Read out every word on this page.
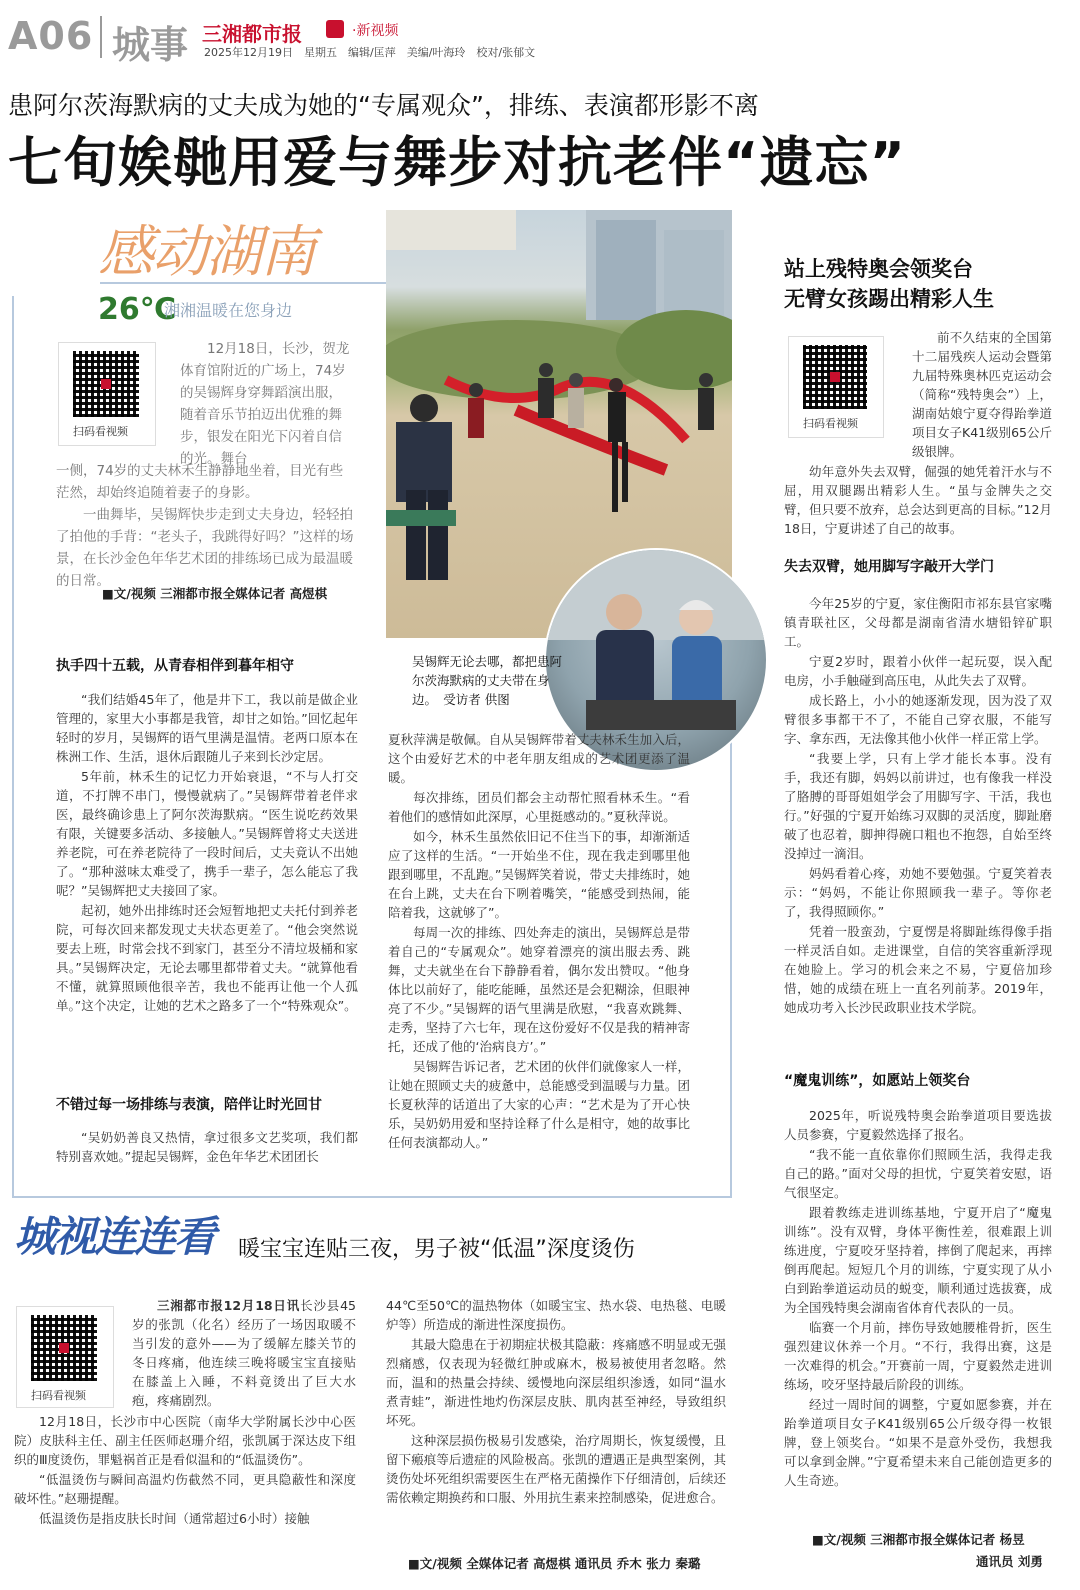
A06 城事 三湘都市报	·新视频
2025年12月19日　星期五　编辑/匡萍　美编/叶海玲　校对/张郁文
患阿尔茨海默病的丈夫成为她的“专属观众”，排练、表演都形影不离
七旬娭毑用爱与舞步对抗老伴“遗忘”
感动湖南
26℃
湘湘温暖在您身边
扫码看视频

12月18日，长沙，贺龙体育馆附近的广场上，74岁的吴锡辉身穿舞蹈演出服，随着音乐节拍迈出优雅的舞步，银发在阳光下闪着自信的光。舞台

一侧，74岁的丈夫林禾生静静地坐着，目光有些茫然，却始终追随着妻子的身影。

一曲舞毕，吴锡辉快步走到丈夫身边，轻轻拍了拍他的手背：“老头子，我跳得好吗？”这样的场景，在长沙金色年华艺术团的排练场已成为最温暖的日常。

■文/视频 三湘都市报全媒体记者 高煜棋
吴锡辉无论去哪，都把患阿尔茨海默病的丈夫带在身边。　受访者 供图
执手四十五载，从青春相伴到暮年相守

“我们结婚45年了，他是井下工，我以前是做企业管理的，家里大小事都是我管，却甘之如饴。”回忆起年轻时的岁月，吴锡辉的语气里满是温情。老两口原本在株洲工作、生活，退休后跟随儿子来到长沙定居。

5年前，林禾生的记忆力开始衰退，“不与人打交道，不打牌不串门，慢慢就病了。”吴锡辉带着老伴求医，最终确诊患上了阿尔茨海默病。“医生说吃药效果有限，关键要多活动、多接触人。”吴锡辉曾将丈夫送进养老院，可在养老院待了一段时间后，丈夫竟认不出她了。“那种滋味太难受了，携手一辈子，怎么能忘了我呢？”吴锡辉把丈夫接回了家。

起初，她外出排练时还会短暂地把丈夫托付到养老院，可每次回来都发现丈夫状态更差了。“他会突然说要去上班，时常会找不到家门，甚至分不清垃圾桶和家具。”吴锡辉决定，无论去哪里都带着丈夫。“就算他看不懂，就算照顾他很辛苦，我也不能再让他一个人孤单。”这个决定，让她的艺术之路多了一个“特殊观众”。

不错过每一场排练与表演，陪伴让时光回甘

“吴奶奶善良又热情，拿过很多文艺奖项，我们都特别喜欢她。”提起吴锡辉，金色年华艺术团团长

夏秋萍满是敬佩。自从吴锡辉带着丈夫林禾生加入后，这个由爱好艺术的中老年朋友组成的艺术团更添了温暖。

每次排练，团员们都会主动帮忙照看林禾生。“看着他们的感情如此深厚，心里挺感动的。”夏秋萍说。

如今，林禾生虽然依旧记不住当下的事，却渐渐适应了这样的生活。“一开始坐不住，现在我走到哪里他跟到哪里，不乱跑。”吴锡辉笑着说，带丈夫排练时，她在台上跳，丈夫在台下咧着嘴笑，“能感受到热闹，能陪着我，这就够了”。

每周一次的排练、四处奔走的演出，吴锡辉总是带着自己的“专属观众”。她穿着漂亮的演出服去秀、跳舞，丈夫就坐在台下静静看着，偶尔发出赞叹。“他身体比以前好了，能吃能睡，虽然还是会犯糊涂，但眼神亮了不少。”吴锡辉的语气里满是欣慰，“我喜欢跳舞、走秀，坚持了六七年，现在这份爱好不仅是我的精神寄托，还成了他的‘治病良方’。”

吴锡辉告诉记者，艺术团的伙伴们就像家人一样，让她在照顾丈夫的疲惫中，总能感受到温暖与力量。团长夏秋萍的话道出了大家的心声：“艺术是为了开心快乐，吴奶奶用爱和坚持诠释了什么是相守，她的故事比任何表演都动人。”

站上残特奥会领奖台
无臂女孩踢出精彩人生
扫码看视频

前不久结束的全国第十二届残疾人运动会暨第九届特殊奥林匹克运动会（简称“残特奥会”）上，湖南姑娘宁夏夺得跆拳道项目女子K41级别65公斤级银牌。

幼年意外失去双臂，倔强的她凭着汗水与不屈，用双腿踢出精彩人生。“虽与金牌失之交臂，但只要不放弃，总会达到更高的目标。”12月18日，宁夏讲述了自己的故事。

失去双臂，她用脚写字敲开大学门

今年25岁的宁夏，家住衡阳市祁东县官家嘴镇青联社区，父母都是湖南省清水塘铅锌矿职工。

宁夏2岁时，跟着小伙伴一起玩耍，误入配电房，小手触碰到高压电，从此失去了双臂。

成长路上，小小的她逐渐发现，因为没了双臂很多事都干不了，不能自己穿衣服，不能写字、拿东西，无法像其他小伙伴一样正常上学。

“我要上学，只有上学才能长本事。没有手，我还有脚，妈妈以前讲过，也有像我一样没了胳膊的哥哥姐姐学会了用脚写字、干活，我也行。”好强的宁夏开始练习双脚的灵活度，脚趾磨破了也忍着，脚抻得碗口粗也不抱怨，自始至终没掉过一滴泪。

妈妈看着心疼，劝她不要勉强。宁夏笑着表示：“妈妈，不能让你照顾我一辈子。等你老了，我得照顾你。”

凭着一股蛮劲，宁夏愣是将脚趾练得像手指一样灵活自如。走进课堂，自信的笑容重新浮现在她脸上。学习的机会来之不易，宁夏倍加珍惜，她的成绩在班上一直名列前茅。2019年，她成功考入长沙民政职业技术学院。

“魔鬼训练”，如愿站上领奖台

2025年，听说残特奥会跆拳道项目要选拔人员参赛，宁夏毅然选择了报名。

“我不能一直依靠你们照顾生活，我得走我自己的路。”面对父母的担忧，宁夏笑着安慰，语气很坚定。

跟着教练走进训练基地，宁夏开启了“魔鬼训练”。没有双臂，身体平衡性差，很难跟上训练进度，宁夏咬牙坚持着，摔倒了爬起来，再摔倒再爬起。短短几个月的训练，宁夏实现了从小白到跆拳道运动员的蜕变，顺利通过选拔赛，成为全国残特奥会湖南省体育代表队的一员。

临赛一个月前，摔伤导致她腰椎骨折，医生强烈建议休养一个月。“不行，我得出赛，这是一次难得的机会。”开赛前一周，宁夏毅然走进训练场，咬牙坚持最后阶段的训练。

经过一周时间的调整，宁夏如愿参赛，并在跆拳道项目女子K41级别65公斤级夺得一枚银牌，登上领奖台。“如果不是意外受伤，我想我可以拿到金牌。”宁夏希望未来自己能创造更多的人生奇迹。

■文/视频 三湘都市报全媒体记者 杨昱
通讯员 刘勇
城视连连看 暖宝宝连贴三夜，男子被“低温”深度烫伤
扫码看视频

三湘都市报12月18日讯长沙县45岁的张凯（化名）经历了一场因取暖不当引发的意外——为了缓解左膝关节的冬日疼痛，他连续三晚将暖宝宝直接贴在膝盖上入睡，不料竟烫出了巨大水疱，疼痛剧烈。

12月18日，长沙市中心医院（南华大学附属长沙中心医院）皮肤科主任、副主任医师赵珊介绍，张凯属于深达皮下组织的Ⅲ度烫伤，罪魁祸首正是看似温和的“低温烫伤”。

“低温烫伤与瞬间高温灼伤截然不同，更具隐蔽性和深度破坏性。”赵珊提醒。

低温烫伤是指皮肤长时间（通常超过6小时）接触

44℃至50℃的温热物体（如暖宝宝、热水袋、电热毯、电暖炉等）所造成的渐进性深度损伤。

其最大隐患在于初期症状极其隐蔽：疼痛感不明显或无强烈痛感，仅表现为轻微红肿或麻木，极易被使用者忽略。然而，温和的热量会持续、缓慢地向深层组织渗透，如同“温水煮青蛙”，渐进性地灼伤深层皮肤、肌肉甚至神经，导致组织坏死。

这种深层损伤极易引发感染，治疗周期长，恢复缓慢，且留下瘢痕等后遗症的风险极高。张凯的遭遇正是典型案例，其烫伤处坏死组织需要医生在严格无菌操作下仔细清创，后续还需依赖定期换药和口服、外用抗生素来控制感染，促进愈合。

■文/视频 全媒体记者 高煜棋 通讯员 乔木 张力 秦璐
